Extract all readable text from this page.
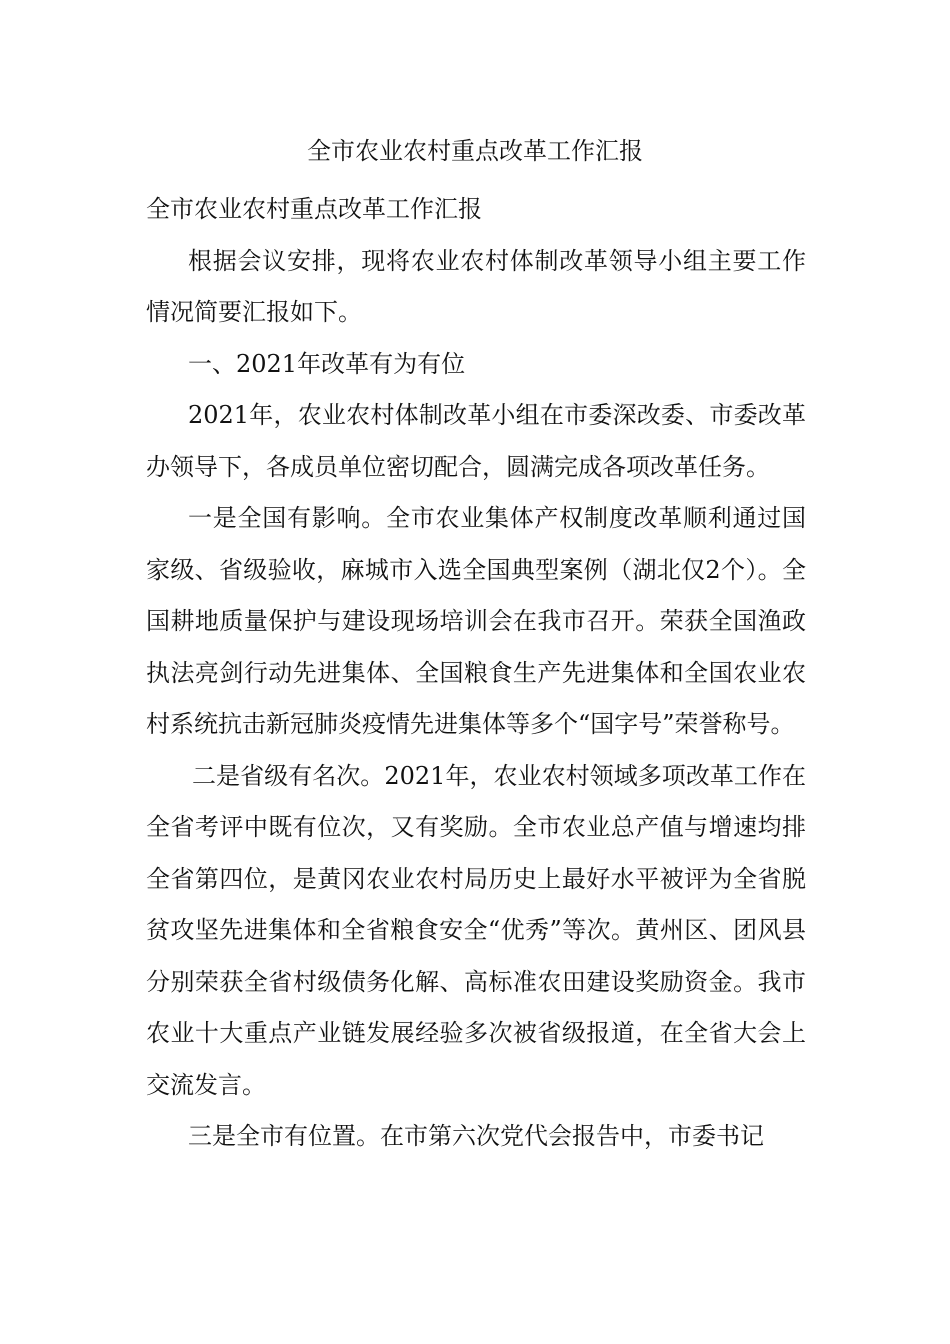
全市农业农村重点改革工作汇报

全市农业农村重点改革工作汇报

根据会议安排，现将农业农村体制改革领导小组主要工作情况简要汇报如下。

一、2021年改革有为有位

2021年，农业农村体制改革小组在市委深改委、市委改革办领导下，各成员单位密切配合，圆满完成各项改革任务。

一是全国有影响。全市农业集体产权制度改革顺利通过国家级、省级验收，麻城市入选全国典型案例（湖北仅2个）。全国耕地质量保护与建设现场培训会在我市召开。荣获全国渔政执法亮剑行动先进集体、全国粮食生产先进集体和全国农业农村系统抗击新冠肺炎疫情先进集体等多个“国字号”荣誉称号。

二是省级有名次。2021年，农业农村领域多项改革工作在全省考评中既有位次，又有奖励。全市农业总产值与增速均排全省第四位，是黄冈农业农村局历史上最好水平被评为全省脱贫攻坚先进集体和全省粮食安全“优秀”等次。黄州区、团风县分别荣获全省村级债务化解、高标准农田建设奖励资金。我市农业十大重点产业链发展经验多次被省级报道，在全省大会上交流发言。

三是全市有位置。在市第六次党代会报告中，市委书记
